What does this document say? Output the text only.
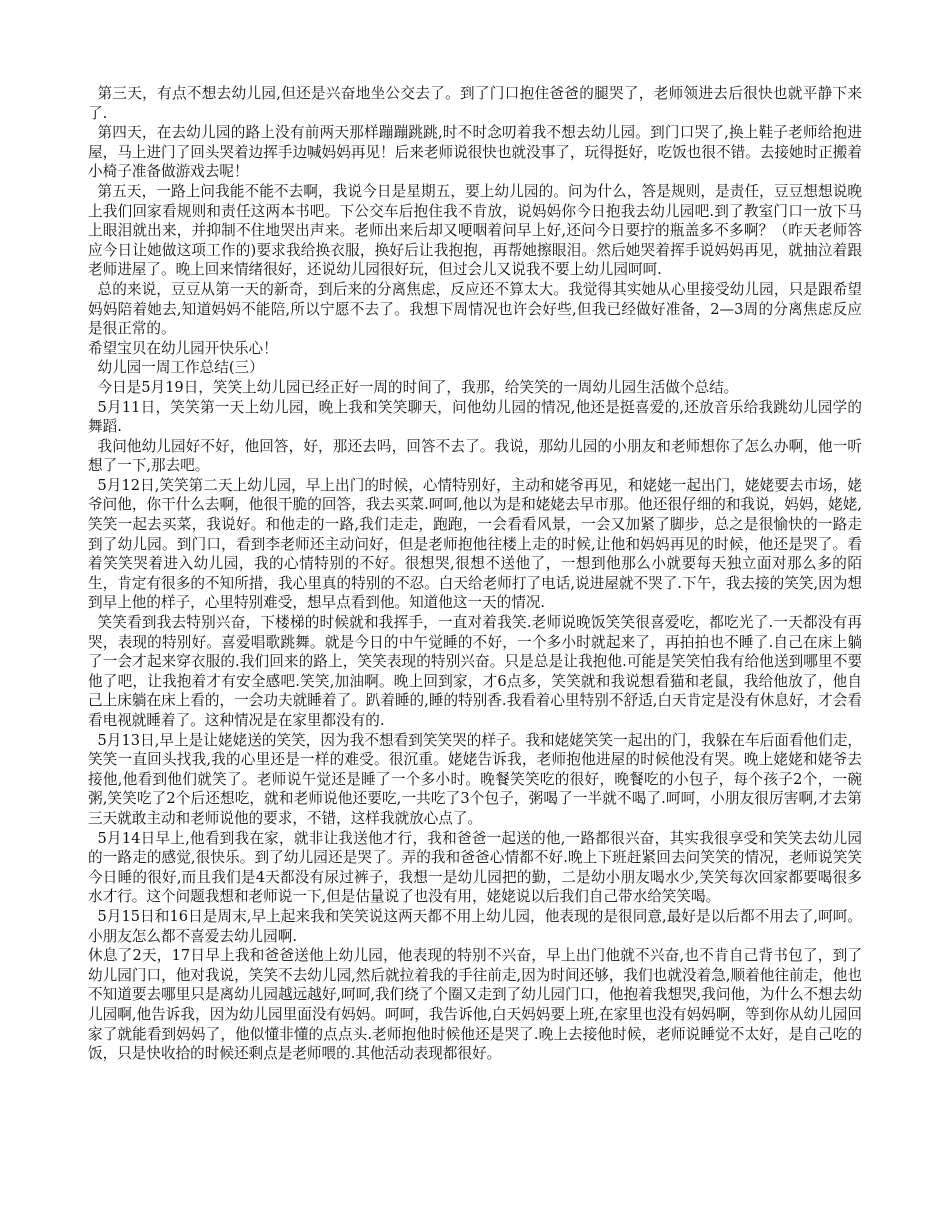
第三天，有点不想去幼儿园,但还是兴奋地坐公交去了。到了门口抱住爸爸的腿哭了，老师领进去后很快也就平静下来了.

第四天，在去幼儿园的路上没有前两天那样蹦蹦跳跳,时不时念叨着我不想去幼儿园。到门口哭了,换上鞋子老师给抱进屋，马上进门了回头哭着边挥手边喊妈妈再见！后来老师说很快也就没事了，玩得挺好，吃饭也很不错。去接她时正搬着小椅子准备做游戏去呢！

第五天，一路上问我能不能不去啊，我说今日是星期五，要上幼儿园的。问为什么，答是规则，是责任，豆豆想想说晚上我们回家看规则和责任这两本书吧。下公交车后抱住我不肯放，说妈妈你今日抱我去幼儿园吧.到了教室门口一放下马上眼泪就出来，并抑制不住地哭出声来。老师出来后却又哽咽着问早上好,还问今日要拧的瓶盖多不多啊？（昨天老师答应今日让她做这项工作的)要求我给换衣服，换好后让我抱抱，再帮她擦眼泪。然后她哭着挥手说妈妈再见，就抽泣着跟老师进屋了。晚上回来情绪很好，还说幼儿园很好玩，但过会儿又说我不要上幼儿园呵呵.

总的来说，豆豆从第一天的新奇，到后来的分离焦虑，反应还不算太大。我觉得其实她从心里接受幼儿园，只是跟希望妈妈陪着她去,知道妈妈不能陪,所以宁愿不去了。我想下周情况也许会好些,但我已经做好准备，2—3周的分离焦虑反应是很正常的。

希望宝贝在幼儿园开快乐心！

幼儿园一周工作总结(三）

今日是5月19日，笑笑上幼儿园已经正好一周的时间了，我那，给笑笑的一周幼儿园生活做个总结。

5月11日，笑笑第一天上幼儿园，晚上我和笑笑聊天，问他幼儿园的情况,他还是挺喜爱的,还放音乐给我跳幼儿园学的舞蹈.

我问他幼儿园好不好，他回答，好，那还去吗，回答不去了。我说，那幼儿园的小朋友和老师想你了怎么办啊，他一听想了一下,那去吧。

5月12日,笑笑第二天上幼儿园，早上出门的时候，心情特别好，主动和姥爷再见，和姥姥一起出门，姥姥要去市场，姥爷问他，你干什么去啊，他很干脆的回答，我去买菜.呵呵,他以为是和姥姥去早市那。他还很仔细的和我说，妈妈，姥姥,笑笑一起去买菜，我说好。和他走的一路,我们走走，跑跑，一会看看风景，一会又加紧了脚步，总之是很愉快的一路走到了幼儿园。到门口，看到李老师还主动问好，但是老师抱他往楼上走的时候,让他和妈妈再见的时候，他还是哭了。看着笑笑哭着进入幼儿园，我的心情特别的不好。很想哭,很想不送他了，一想到他那么小就要每天独立面对那么多的陌生，肯定有很多的不知所措，我心里真的特别的不忍。白天给老师打了电话,说进屋就不哭了.下午，我去接的笑笑,因为想到早上他的样子，心里特别难受，想早点看到他。知道他这一天的情况.

笑笑看到我去特别兴奋，下楼梯的时候就和我挥手，一直对着我笑.老师说晚饭笑笑很喜爱吃，都吃光了.一天都没有再哭，表现的特别好。喜爱唱歌跳舞。就是今日的中午觉睡的不好，一个多小时就起来了，再拍拍也不睡了.自己在床上躺了一会才起来穿衣服的.我们回来的路上，笑笑表现的特别兴奋。只是总是让我抱他.可能是笑笑怕我有给他送到哪里不要他了吧，让我抱着才有安全感吧.笑笑,加油啊。晚上回到家，才6点多，笑笑就和我说想看猫和老鼠，我给他放了，他自己上床躺在床上看的，一会功夫就睡着了。趴着睡的,睡的特别香.我看着心里特别不舒适,白天肯定是没有休息好，才会看看电视就睡着了。这种情况是在家里都没有的.

5月13日,早上是让姥姥送的笑笑，因为我不想看到笑笑哭的样子。我和姥姥笑笑一起出的门，我躲在车后面看他们走，笑笑一直回头找我,我的心里还是一样的难受。很沉重。姥姥告诉我，老师抱他进屋的时候他没有哭。晚上姥姥和姥爷去接他,他看到他们就笑了。老师说午觉还是睡了一个多小时。晚餐笑笑吃的很好，晚餐吃的小包子，每个孩子2个，一碗粥,笑笑吃了2个后还想吃，就和老师说他还要吃,一共吃了3个包子，粥喝了一半就不喝了.呵呵，小朋友很厉害啊,才去第三天就敢主动和老师说他的要求，不错，这样我就放心点了。

5月14日早上,他看到我在家，就非让我送他才行，我和爸爸一起送的他,一路都很兴奋，其实我很享受和笑笑去幼儿园的一路走的感觉,很快乐。到了幼儿园还是哭了。弄的我和爸爸心情都不好.晚上下班赶紧回去问笑笑的情况，老师说笑笑今日睡的很好,而且我们是4天都没有尿过裤子，我想一是幼儿园把的勤，二是幼小朋友喝水少,笑笑每次回家都要喝很多水才行。这个问题我想和老师说一下,但是估量说了也没有用，姥姥说以后我们自己带水给笑笑喝。

5月15日和16日是周末,早上起来我和笑笑说这两天都不用上幼儿园，他表现的是很同意,最好是以后都不用去了,呵呵。小朋友怎么都不喜爱去幼儿园啊.

休息了2天，17日早上我和爸爸送他上幼儿园，他表现的特别不兴奋，早上出门他就不兴奋,也不肯自己背书包了，到了幼儿园门口，他对我说，笑笑不去幼儿园,然后就拉着我的手往前走,因为时间还够，我们也就没着急,顺着他往前走，他也不知道要去哪里只是离幼儿园越远越好,呵呵,我们绕了个圈又走到了幼儿园门口，他抱着我想哭,我问他，为什么不想去幼儿园啊,他告诉我，因为幼儿园里面没有妈妈。呵呵，我告诉他,白天妈妈要上班,在家里也没有妈妈啊，等到你从幼儿园回家了就能看到妈妈了，他似懂非懂的点点头.老师抱他时候他还是哭了.晚上去接他时候，老师说睡觉不太好，是自己吃的饭，只是快收拾的时候还剩点是老师喂的.其他活动表现都很好。
